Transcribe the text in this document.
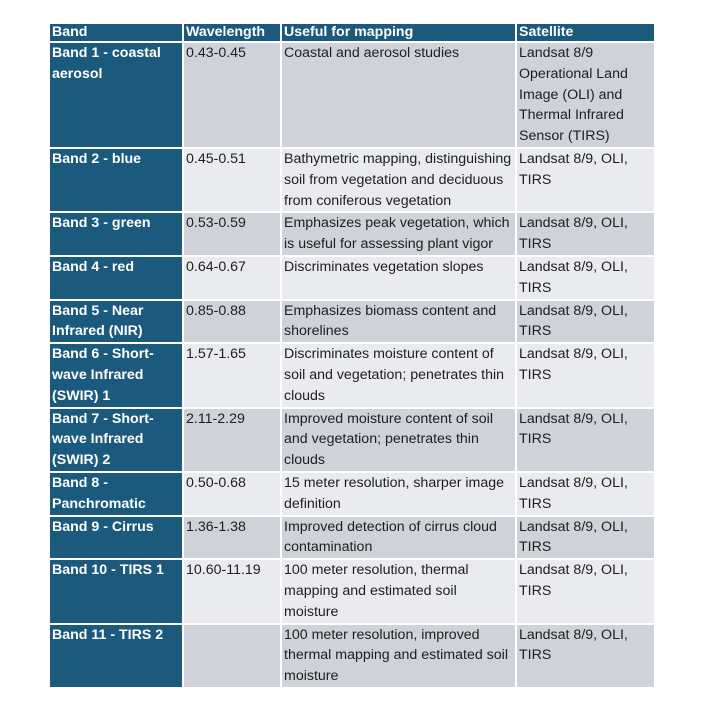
Band	Wavelength	Useful for mapping	Satellite
Band 1 - coastal aerosol	0.43-0.45	Coastal and aerosol studies	Landsat 8/9 Operational Land Image (OLI) and Thermal Infrared Sensor (TIRS)
Band 2 - blue	0.45-0.51	Bathymetric mapping, distinguishing soil from vegetation and deciduous from coniferous vegetation	Landsat 8/9, OLI, TIRS
Band 3 - green	0.53-0.59	Emphasizes peak vegetation, which is useful for assessing plant vigor	Landsat 8/9, OLI, TIRS
Band 4 - red	0.64-0.67	Discriminates vegetation slopes	Landsat 8/9, OLI, TIRS
Band 5 - Near Infrared (NIR)	0.85-0.88	Emphasizes biomass content and shorelines	Landsat 8/9, OLI, TIRS
Band 6 - Short-wave Infrared (SWIR) 1	1.57-1.65	Discriminates moisture content of soil and vegetation; penetrates thin clouds	Landsat 8/9, OLI, TIRS
Band 7 - Short-wave Infrared (SWIR) 2	2.11-2.29	Improved moisture content of soil and vegetation; penetrates thin clouds	Landsat 8/9, OLI, TIRS
Band 8 - Panchromatic	0.50-0.68	15 meter resolution, sharper image definition	Landsat 8/9, OLI, TIRS
Band 9 - Cirrus	1.36-1.38	Improved detection of cirrus cloud contamination	Landsat 8/9, OLI, TIRS
Band 10 - TIRS 1	10.60-11.19	100 meter resolution, thermal mapping and estimated soil moisture	Landsat 8/9, OLI, TIRS
Band 11 - TIRS 2		100 meter resolution, improved thermal mapping and estimated soil moisture	Landsat 8/9, OLI, TIRS
